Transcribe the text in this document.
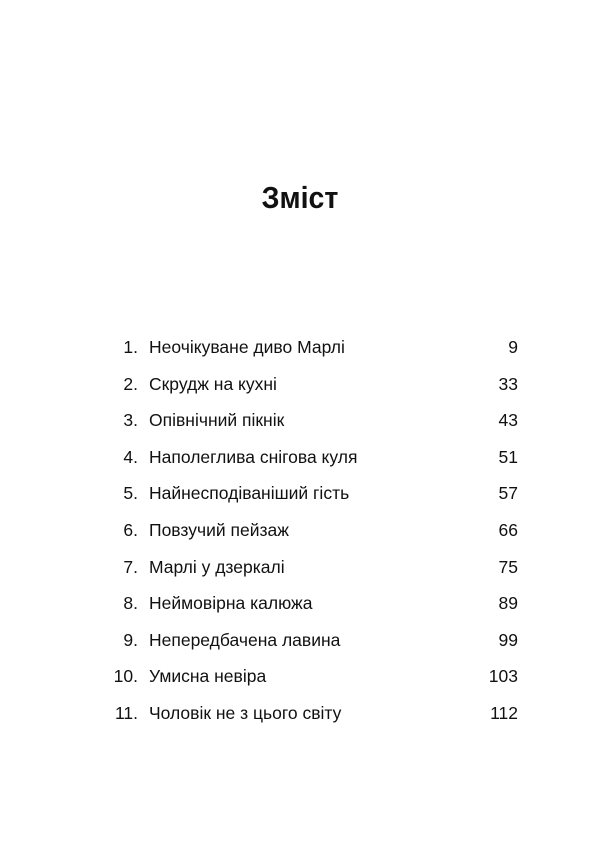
Зміст
1. Неочікуване диво Марлі	9
2. Скрудж на кухні	33
3. Опівнічний пікнік	43
4. Наполеглива снігова куля	51
5. Найнесподіваніший гість	57
6. Повзучий пейзаж	66
7. Марлі у дзеркалі	75
8. Неймовірна калюжа	89
9. Непередбачена лавина	99
10. Умисна невіра	103
11. Чоловік не з цього світу	112
